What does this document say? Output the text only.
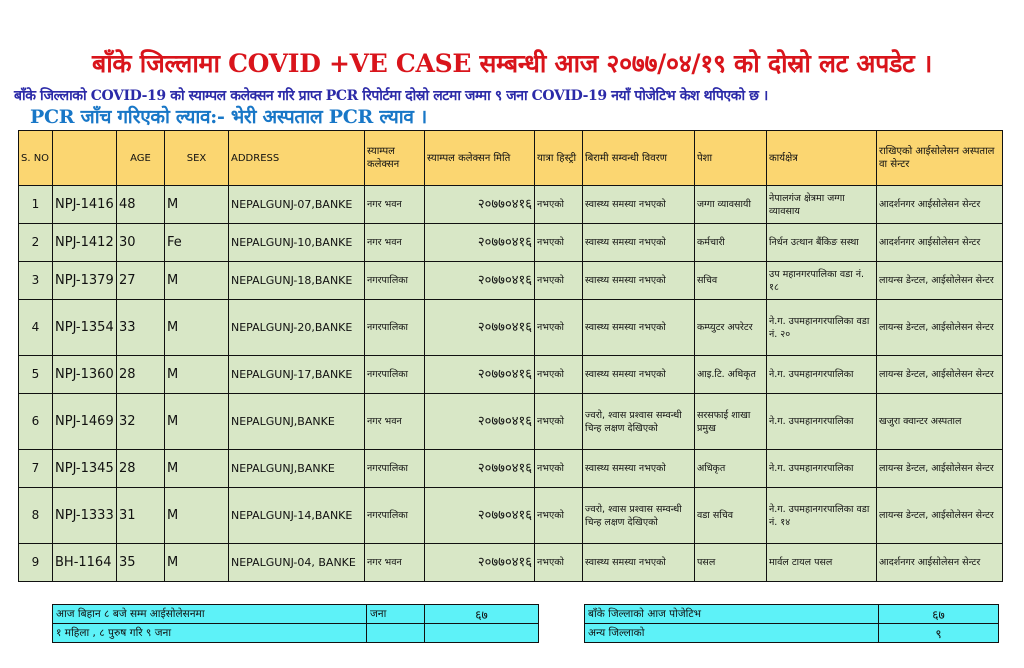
बाँके जिल्लामा COVID +VE CASE सम्बन्धी आज २०७७/०४/१९ को दोस्रो लट अपडेट ।
बाँके जिल्लाको COVID-19 को स्याम्पल कलेक्सन गरि प्राप्त PCR रिपोर्टमा दोस्रो लटमा जम्मा ९ जना COVID-19 नयाँ पोजेटिभ केश थपिएको छ ।
PCR जाँच गरिएको ल्याव:- भेरी अस्पताल PCR ल्याव ।
S. NO		AGE	SEX	ADDRESS	स्याम्पल कलेक्सन	स्याम्पल कलेक्सन मिति	यात्रा हिस्ट्री	बिरामी सम्वन्धी विवरण	पेशा	कार्यक्षेत्र	राखिएको आईसोलेसन अस्पताल वा सेन्टर
1	NPJ-1416	48	M	NEPALGUNJ-07,BANKE	नगर भवन	२०७७०४१६	नभएको	स्वास्थ्य समस्या नभएको	जग्गा व्यावसायी	नेपालगंज क्षेत्रमा जग्गा व्यावसाय	आदर्शनगर आईसोलेसन सेन्टर
2	NPJ-1412	30	Fe	NEPALGUNJ-10,BANKE	नगर भवन	२०७७०४१६	नभएको	स्वास्थ्य समस्या नभएको	कर्मचारी	निर्धन उत्थान बैंकिङ सस्था	आदर्शनगर आईसोलेसन सेन्टर
3	NPJ-1379	27	M	NEPALGUNJ-18,BANKE	नगरपालिका	२०७७०४१६	नभएको	स्वास्थ्य समस्या नभएको	सचिव	उप महानगरपालिका वडा नं. १८	लायन्स डेन्टल, आईसोलेसन सेन्टर
4	NPJ-1354	33	M	NEPALGUNJ-20,BANKE	नगरपालिका	२०७७०४१६	नभएको	स्वास्थ्य समस्या नभएको	कम्प्युटर अपरेटर	ने.ग. उपमहानगरपालिका वडा नं. २०	लायन्स डेन्टल, आईसोलेसन सेन्टर
5	NPJ-1360	28	M	NEPALGUNJ-17,BANKE	नगरपालिका	२०७७०४१६	नभएको	स्वास्थ्य समस्या नभएको	आइ.टि. अधिकृत	ने.ग. उपमहानगरपालिका	लायन्स डेन्टल, आईसोलेसन सेन्टर
6	NPJ-1469	32	M	NEPALGUNJ,BANKE	नगर भवन	२०७७०४१६	नभएको	ज्वरो, श्वास प्रश्वास सम्वन्धी चिन्ह लक्षण देखिएको	सरसफाई शाखा प्रमुख	ने.ग. उपमहानगरपालिका	खजुरा क्वान्टर अस्पताल
7	NPJ-1345	28	M	NEPALGUNJ,BANKE	नगरपालिका	२०७७०४१६	नभएको	स्वास्थ्य समस्या नभएको	अधिकृत	ने.ग. उपमहानगरपालिका	लायन्स डेन्टल, आईसोलेसन सेन्टर
8	NPJ-1333	31	M	NEPALGUNJ-14,BANKE	नगरपालिका	२०७७०४१६	नभएको	ज्वरो, श्वास प्रश्वास सम्वन्धी चिन्ह लक्षण देखिएको	वडा सचिव	ने.ग. उपमहानगरपालिका वडा नं. १४	लायन्स डेन्टल, आईसोलेसन सेन्टर
9	BH-1164	35	M	NEPALGUNJ-04, BANKE	नगर भवन	२०७७०४१६	नभएको	स्वास्थ्य समस्या नभएको	पसल	मार्वल टायल पसल	आदर्शनगर आईसोलेसन सेन्टर
आज बिहान ८ बजे सम्म आईसोलेसनमा	जना	६७
१ महिला , ८ पुरुष गरि ९ जना		
बाँके जिल्लाको आज पोजेटिभ	६७
अन्य जिल्लाको	९
